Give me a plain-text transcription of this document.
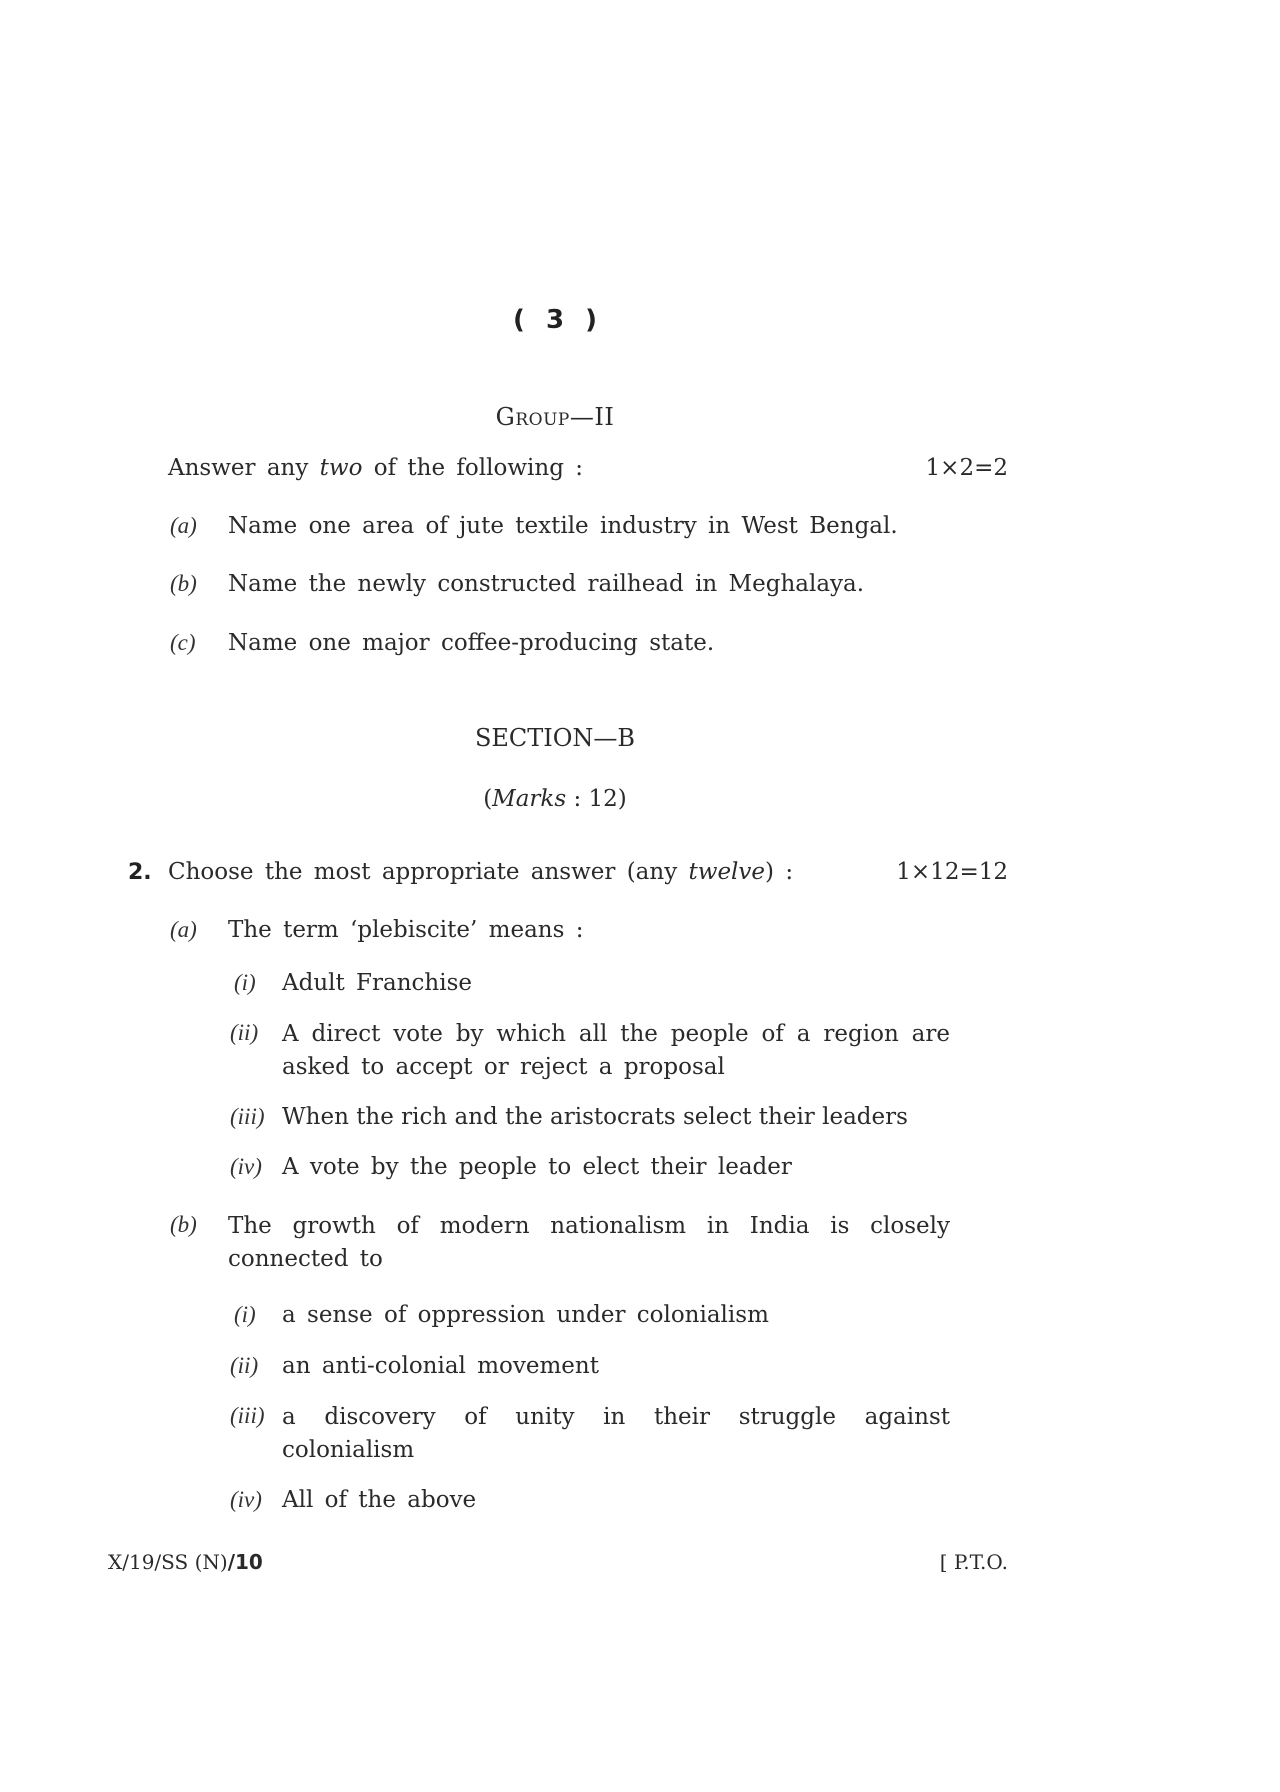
( 3 )
Group—II
Answer any two of the following :	1×2=2
(a) Name one area of jute textile industry in West Bengal.
(b) Name the newly constructed railhead in Meghalaya.
(c) Name one major coffee-producing state.
SECTION—B
(Marks : 12)
2. Choose the most appropriate answer (any twelve) :	1×12=12
(a) The term ‘plebiscite’ means :
(i) Adult Franchise
(ii) A direct vote by which all the people of a region are asked to accept or reject a proposal
(iii) When the rich and the aristocrats select their leaders
(iv) A vote by the people to elect their leader
(b) The growth of modern nationalism in India is closely connected to
(i) a sense of oppression under colonialism
(ii) an anti-colonial movement
(iii) a discovery of unity in their struggle against colonialism
(iv) All of the above
X/19/SS (N)/10	[ P.T.O.
